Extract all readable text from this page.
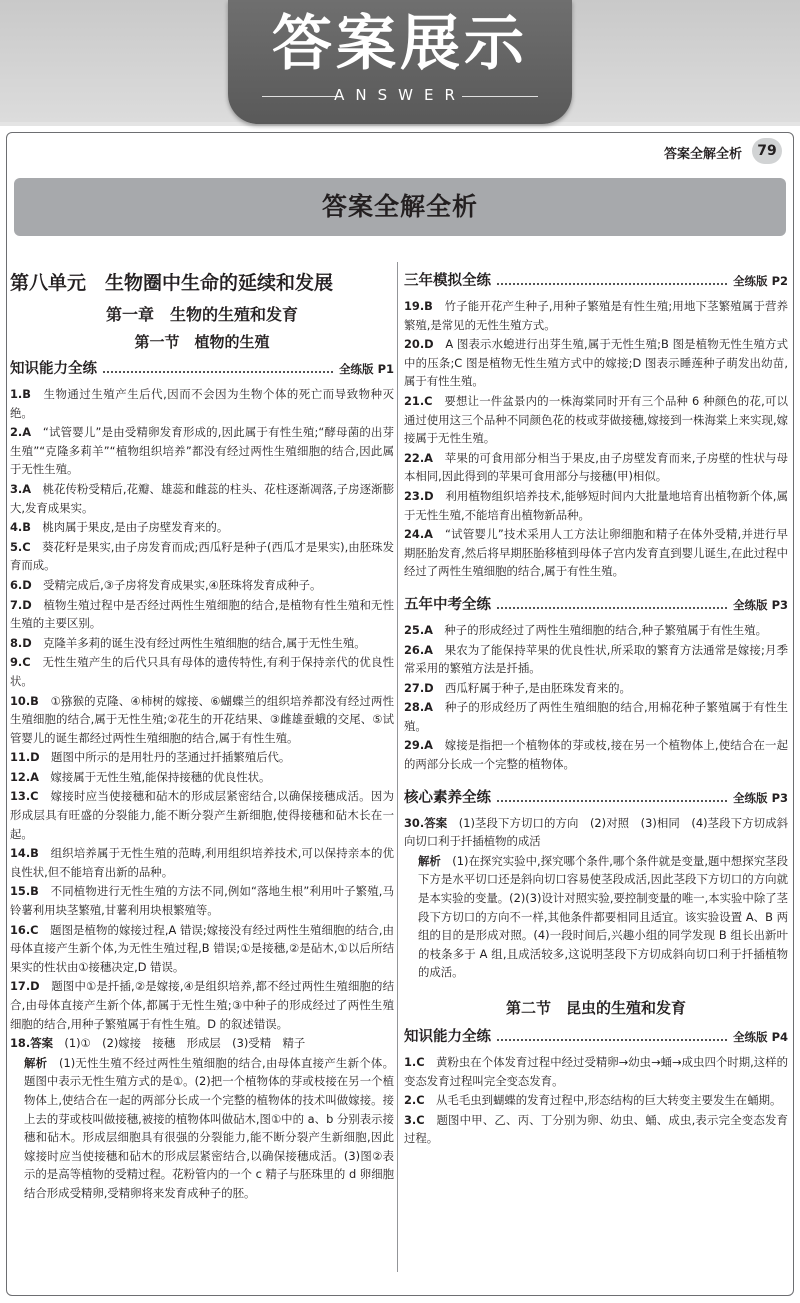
答案展示
ANSWER
答案全解全析	79
答案全解全析
第八单元　生物圈中生命的延续和发展
第一章　生物的生殖和发育
第一节　植物的生殖
知识能力全练	全练版 P1
1.B　 生物通过生殖产生后代,因而不会因为生物个体的死亡而导致物种灭绝。
2.A　 “试管婴儿”是由受精卵发育形成的,因此属于有性生殖;“酵母菌的出芽生殖”“克隆多莉羊”“植物组织培养”都没有经过两性生殖细胞的结合,因此属于无性生殖。
3.A　 桃花传粉受精后,花瓣、雄蕊和雌蕊的柱头、花柱逐渐凋落,子房逐渐膨大,发育成果实。
4.B　 桃肉属于果皮,是由子房壁发育来的。
5.C　 葵花籽是果实,由子房发育而成;西瓜籽是种子(西瓜才是果实),由胚珠发育而成。
6.D　 受精完成后,③子房将发育成果实,④胚珠将发育成种子。
7.D　 植物生殖过程中是否经过两性生殖细胞的结合,是植物有性生殖和无性生殖的主要区别。
8.D　 克隆羊多莉的诞生没有经过两性生殖细胞的结合,属于无性生殖。
9.C　 无性生殖产生的后代只具有母体的遗传特性,有利于保持亲代的优良性状。
10.B　 ①猕猴的克隆、④柿树的嫁接、⑥蝴蝶兰的组织培养都没有经过两性生殖细胞的结合,属于无性生殖;②花生的开花结果、③雌雄蚕蛾的交尾、⑤试管婴儿的诞生都经过两性生殖细胞的结合,属于有性生殖。
11.D　 题图中所示的是用牡丹的茎通过扦插繁殖后代。
12.A　 嫁接属于无性生殖,能保持接穗的优良性状。
13.C　 嫁接时应当使接穗和砧木的形成层紧密结合,以确保接穗成活。因为形成层具有旺盛的分裂能力,能不断分裂产生新细胞,使得接穗和砧木长在一起。
14.B　 组织培养属于无性生殖的范畴,利用组织培养技术,可以保持亲本的优良性状,但不能培育出新的品种。
15.B　 不同植物进行无性生殖的方法不同,例如“落地生根”利用叶子繁殖,马铃薯利用块茎繁殖,甘薯利用块根繁殖等。
16.C　 题图是植物的嫁接过程,A 错误;嫁接没有经过两性生殖细胞的结合,由母体直接产生新个体,为无性生殖过程,B 错误;①是接穗,②是砧木,①以后所结果实的性状由①接穗决定,D 错误。
17.D　 题图中①是扦插,②是嫁接,④是组织培养,都不经过两性生殖细胞的结合,由母体直接产生新个体,都属于无性生殖;③中种子的形成经过了两性生殖细胞的结合,用种子繁殖属于有性生殖。D 的叙述错误。
18.答案　 (1)①　(2)嫁接　接穗　形成层　(3)受精　精子
解析　 (1)无性生殖不经过两性生殖细胞的结合,由母体直接产生新个体。题图中表示无性生殖方式的是①。(2)把一个植物体的芽或枝接在另一个植物体上,使结合在一起的两部分长成一个完整的植物体的技术叫做嫁接。接上去的芽或枝叫做接穗,被接的植物体叫做砧木,图①中的 a、b 分别表示接穗和砧木。形成层细胞具有很强的分裂能力,能不断分裂产生新细胞,因此嫁接时应当使接穗和砧木的形成层紧密结合,以确保接穗成活。(3)图②表示的是高等植物的受精过程。花粉管内的一个 c 精子与胚珠里的 d 卵细胞结合形成受精卵,受精卵将来发育成种子的胚。
三年模拟全练	全练版 P2
19.B　 竹子能开花产生种子,用种子繁殖是有性生殖;用地下茎繁殖属于营养繁殖,是常见的无性生殖方式。
20.D　 A 图表示水螅进行出芽生殖,属于无性生殖;B 图是植物无性生殖方式中的压条;C 图是植物无性生殖方式中的嫁接;D 图表示睡莲种子萌发出幼苗,属于有性生殖。
21.C　 要想让一件盆景内的一株海棠同时开有三个品种 6 种颜色的花,可以通过使用这三个品种不同颜色花的枝或芽做接穗,嫁接到一株海棠上来实现,嫁接属于无性生殖。
22.A　 苹果的可食用部分相当于果皮,由子房壁发育而来,子房壁的性状与母本相同,因此得到的苹果可食用部分与接穗(甲)相似。
23.D　 利用植物组织培养技术,能够短时间内大批量地培育出植物新个体,属于无性生殖,不能培育出植物新品种。
24.A　 “试管婴儿”技术采用人工方法让卵细胞和精子在体外受精,并进行早期胚胎发育,然后将早期胚胎移植到母体子宫内发育直到婴儿诞生,在此过程中经过了两性生殖细胞的结合,属于有性生殖。
五年中考全练	全练版 P3
25.A　 种子的形成经过了两性生殖细胞的结合,种子繁殖属于有性生殖。
26.A　 果农为了能保持苹果的优良性状,所采取的繁育方法通常是嫁接;月季常采用的繁殖方法是扦插。
27.D　 西瓜籽属于种子,是由胚珠发育来的。
28.A　 种子的形成经历了两性生殖细胞的结合,用棉花种子繁殖属于有性生殖。
29.A　 嫁接是指把一个植物体的芽或枝,接在另一个植物体上,使结合在一起的两部分长成一个完整的植物体。
核心素养全练	全练版 P3
30.答案　 (1)茎段下方切口的方向　(2)对照　(3)相同　(4)茎段下方切成斜向切口利于扦插植物的成活
解析　 (1)在探究实验中,探究哪个条件,哪个条件就是变量,题中想探究茎段下方是水平切口还是斜向切口容易使茎段成活,因此茎段下方切口的方向就是本实验的变量。(2)(3)设计对照实验,要控制变量的唯一,本实验中除了茎段下方切口的方向不一样,其他条件都要相同且适宜。该实验设置 A、B 两组的目的是形成对照。(4)一段时间后,兴趣小组的同学发现 B 组长出新叶的枝条多于 A 组,且成活较多,这说明茎段下方切成斜向切口利于扦插植物的成活。
第二节　昆虫的生殖和发育
知识能力全练	全练版 P4
1.C　 黄粉虫在个体发育过程中经过受精卵→幼虫→蛹→成虫四个时期,这样的变态发育过程叫完全变态发育。
2.C　 从毛毛虫到蝴蝶的发育过程中,形态结构的巨大转变主要发生在蛹期。
3.C　 题图中甲、乙、丙、丁分别为卵、幼虫、蛹、成虫,表示完全变态发育过程。
